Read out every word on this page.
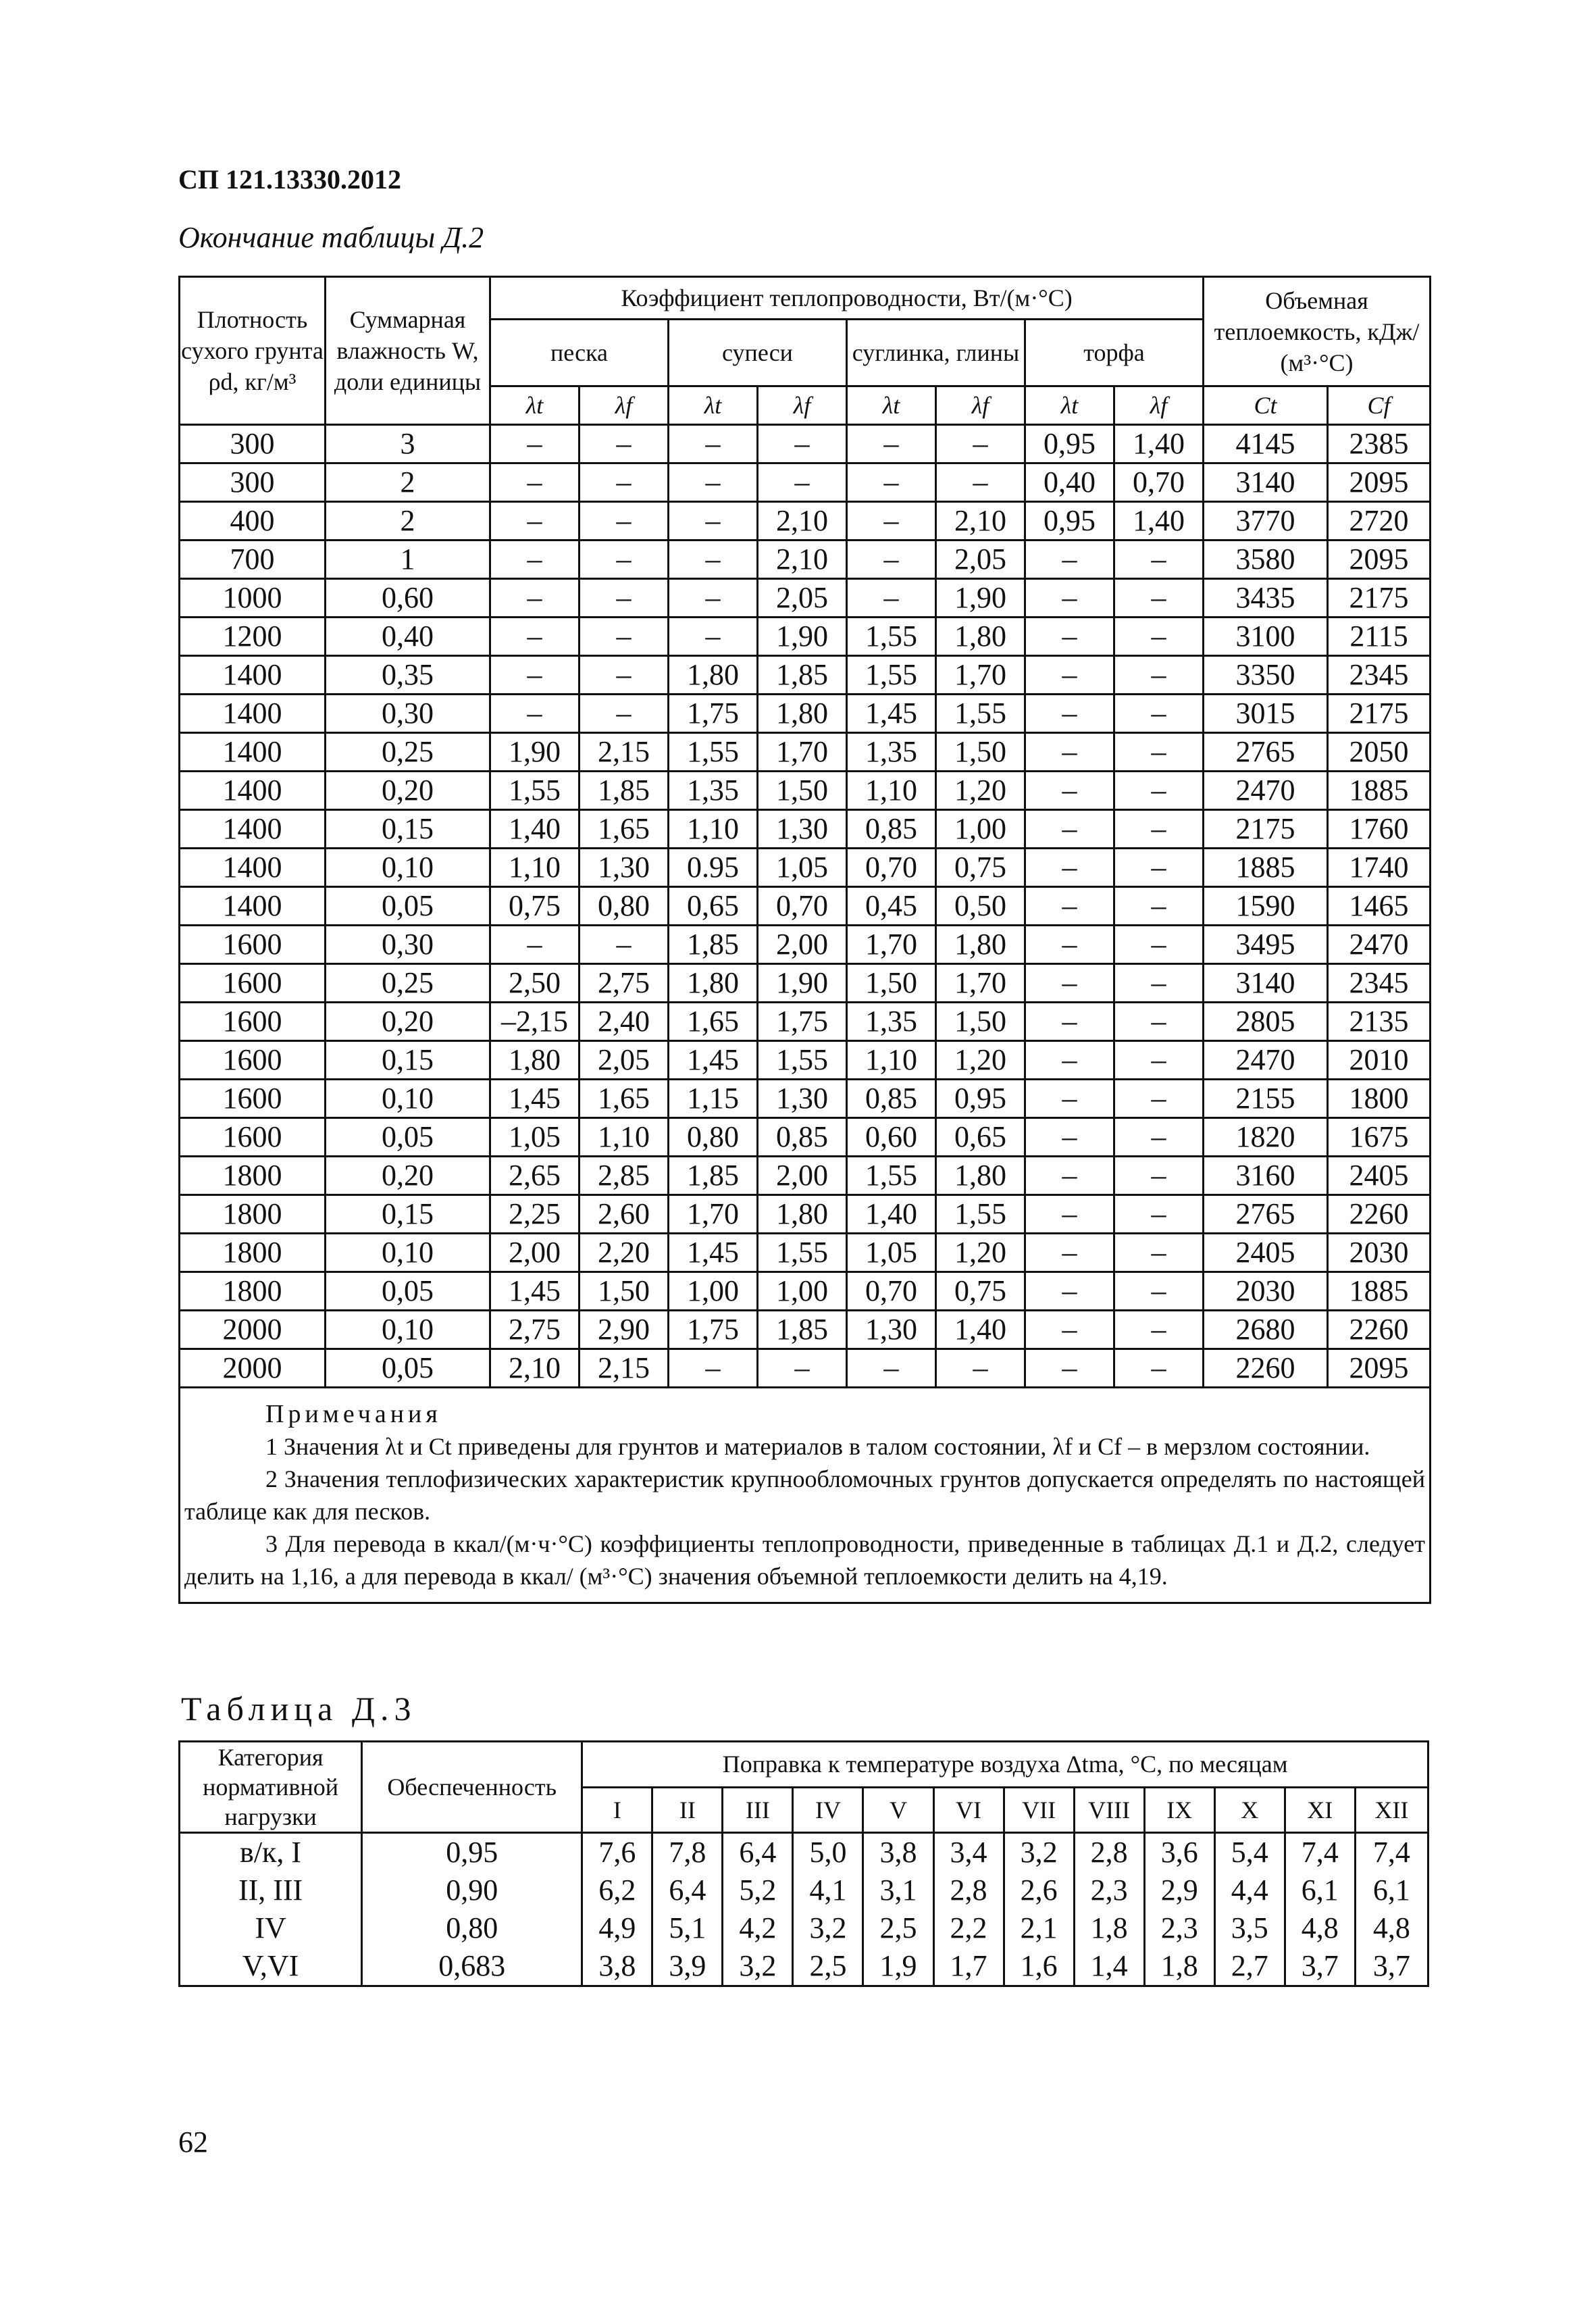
СП 121.13330.2012
Окончание таблицы Д.2
Плотность сухого грунта ρd, кг/м³	Суммарная влажность W, доли единицы	Коэффициент теплопроводности, Вт/(м·°С)								Объемная теплоемкость, кДж/ (м³·°С)	
		песка		супеси		суглинка, глины		торфа			
		λt	λf	λt	λf	λt	λf	λt	λf	Ct	Cf
300	3	–	–	–	–	–	–	0,95	1,40	4145	2385
300	2	–	–	–	–	–	–	0,40	0,70	3140	2095
400	2	–	–	–	2,10	–	2,10	0,95	1,40	3770	2720
700	1	–	–	–	2,10	–	2,05	–	–	3580	2095
1000	0,60	–	–	–	2,05	–	1,90	–	–	3435	2175
1200	0,40	–	–	–	1,90	1,55	1,80	–	–	3100	2115
1400	0,35	–	–	1,80	1,85	1,55	1,70	–	–	3350	2345
1400	0,30	–	–	1,75	1,80	1,45	1,55	–	–	3015	2175
1400	0,25	1,90	2,15	1,55	1,70	1,35	1,50	–	–	2765	2050
1400	0,20	1,55	1,85	1,35	1,50	1,10	1,20	–	–	2470	1885
1400	0,15	1,40	1,65	1,10	1,30	0,85	1,00	–	–	2175	1760
1400	0,10	1,10	1,30	0.95	1,05	0,70	0,75	–	–	1885	1740
1400	0,05	0,75	0,80	0,65	0,70	0,45	0,50	–	–	1590	1465
1600	0,30	–	–	1,85	2,00	1,70	1,80	–	–	3495	2470
1600	0,25	2,50	2,75	1,80	1,90	1,50	1,70	–	–	3140	2345
1600	0,20	–2,15	2,40	1,65	1,75	1,35	1,50	–	–	2805	2135
1600	0,15	1,80	2,05	1,45	1,55	1,10	1,20	–	–	2470	2010
1600	0,10	1,45	1,65	1,15	1,30	0,85	0,95	–	–	2155	1800
1600	0,05	1,05	1,10	0,80	0,85	0,60	0,65	–	–	1820	1675
1800	0,20	2,65	2,85	1,85	2,00	1,55	1,80	–	–	3160	2405
1800	0,15	2,25	2,60	1,70	1,80	1,40	1,55	–	–	2765	2260
1800	0,10	2,00	2,20	1,45	1,55	1,05	1,20	–	–	2405	2030
1800	0,05	1,45	1,50	1,00	1,00	0,70	0,75	–	–	2030	1885
2000	0,10	2,75	2,90	1,75	1,85	1,30	1,40	–	–	2680	2260
2000	0,05	2,10	2,15	–	–	–	–	–	–	2260	2095

Примечания
1 Значения λt и Ct приведены для грунтов и материалов в талом состоянии, λf и Cf – в мерзлом состоянии.
2 Значения теплофизических характеристик крупнообломочных грунтов допускается определять по настоящей таблице как для песков.
3 Для перевода в ккал/(м·ч·°С) коэффициенты теплопроводности, приведенные в таблицах Д.1 и Д.2, следует делить на 1,16, а для перевода в ккал/ (м³·°С) значения объемной теплоемкости делить на 4,19.											
Таблица Д.3
Категория нормативной нагрузки	Обеспеченность	Поправка к температуре воздуха Δtma, °С, по месяцам											
		I	II	III	IV	V	VI	VII	VIII	IX	X	XI	XII
в/к, I	0,95	7,6	7,8	6,4	5,0	3,8	3,4	3,2	2,8	3,6	5,4	7,4	7,4
II, III	0,90	6,2	6,4	5,2	4,1	3,1	2,8	2,6	2,3	2,9	4,4	6,1	6,1
IV	0,80	4,9	5,1	4,2	3,2	2,5	2,2	2,1	1,8	2,3	3,5	4,8	4,8
V,VI	0,683	3,8	3,9	3,2	2,5	1,9	1,7	1,6	1,4	1,8	2,7	3,7	3,7
62
